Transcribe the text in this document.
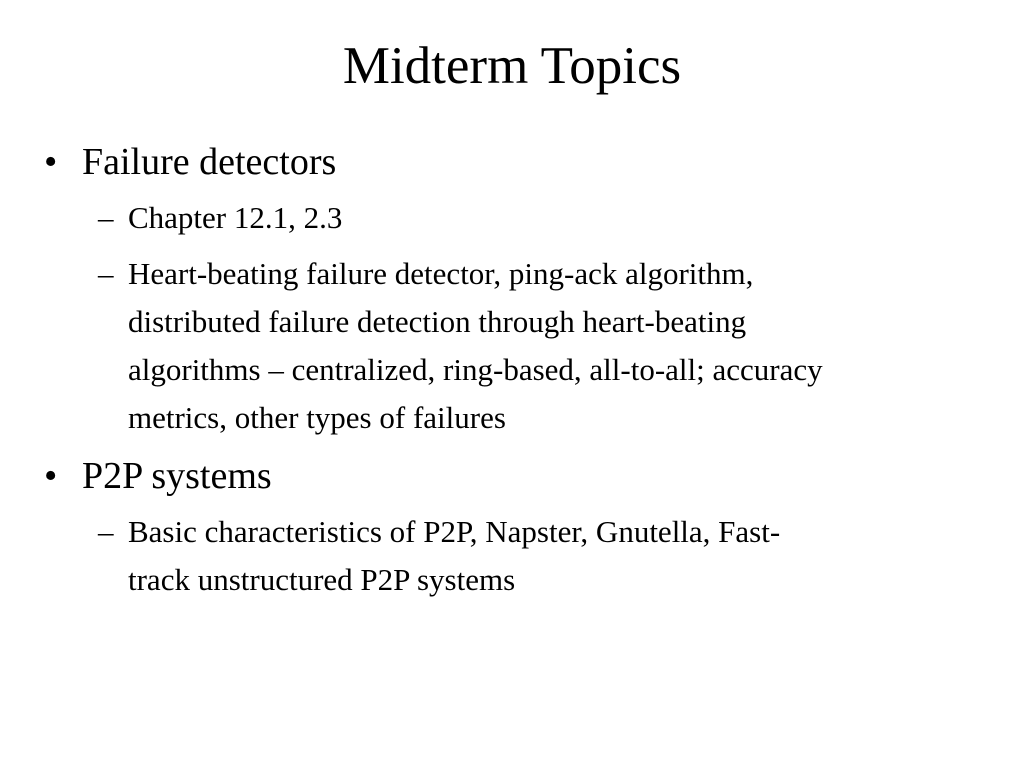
Midterm Topics
• Failure detectors
– Chapter 12.1, 2.3
– Heart-beating failure detector, ping-ack algorithm, distributed failure detection through heart-beating algorithms – centralized, ring-based, all-to-all; accuracy metrics, other types of failures
• P2P systems
– Basic characteristics of P2P, Napster, Gnutella, Fast-track unstructured P2P systems
